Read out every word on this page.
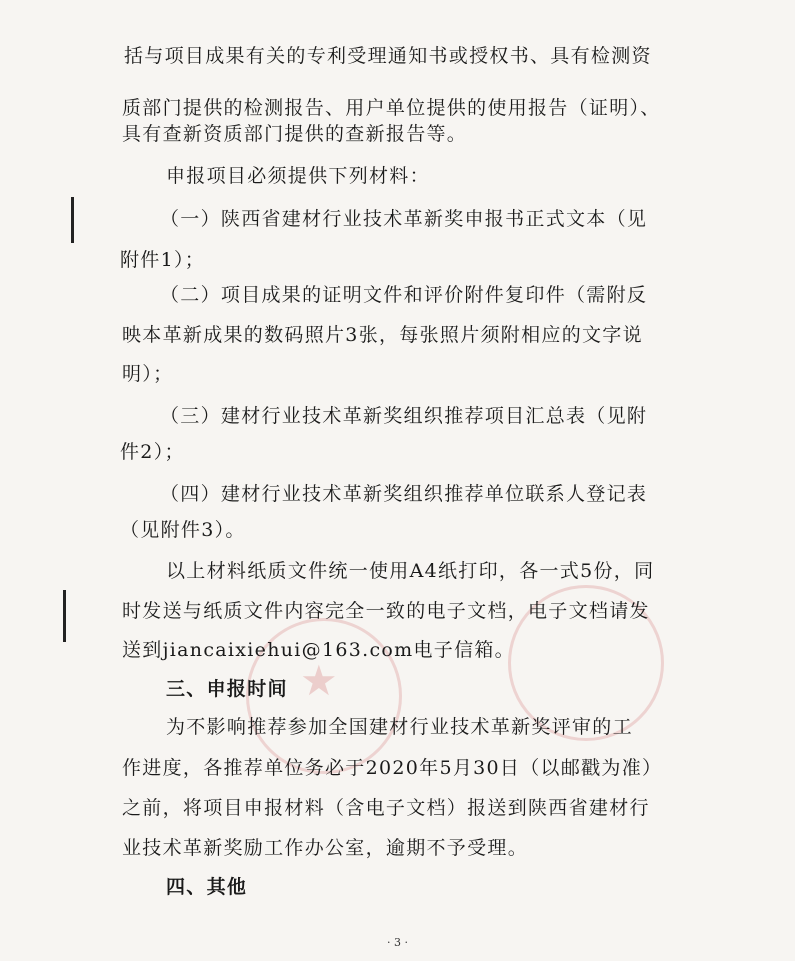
★
括与项目成果有关的专利受理通知书或授权书、具有检测资
质部门提供的检测报告、用户单位提供的使用报告（证明）、
具有查新资质部门提供的查新报告等。
申报项目必须提供下列材料：
（一）陕西省建材行业技术革新奖申报书正式文本（见
附件1）；
（二）项目成果的证明文件和评价附件复印件（需附反
映本革新成果的数码照片3张，每张照片须附相应的文字说
明）；
（三）建材行业技术革新奖组织推荐项目汇总表（见附
件2）；
（四）建材行业技术革新奖组织推荐单位联系人登记表
（见附件3）。
以上材料纸质文件统一使用A4纸打印，各一式5份，同
时发送与纸质文件内容完全一致的电子文档，电子文档请发
送到jiancaixiehui@163.com电子信箱。
三、申报时间
为不影响推荐参加全国建材行业技术革新奖评审的工
作进度，各推荐单位务必于2020年5月30日（以邮戳为准）
之前，将项目申报材料（含电子文档）报送到陕西省建材行
业技术革新奖励工作办公室，逾期不予受理。
四、其他
· 3 ·
